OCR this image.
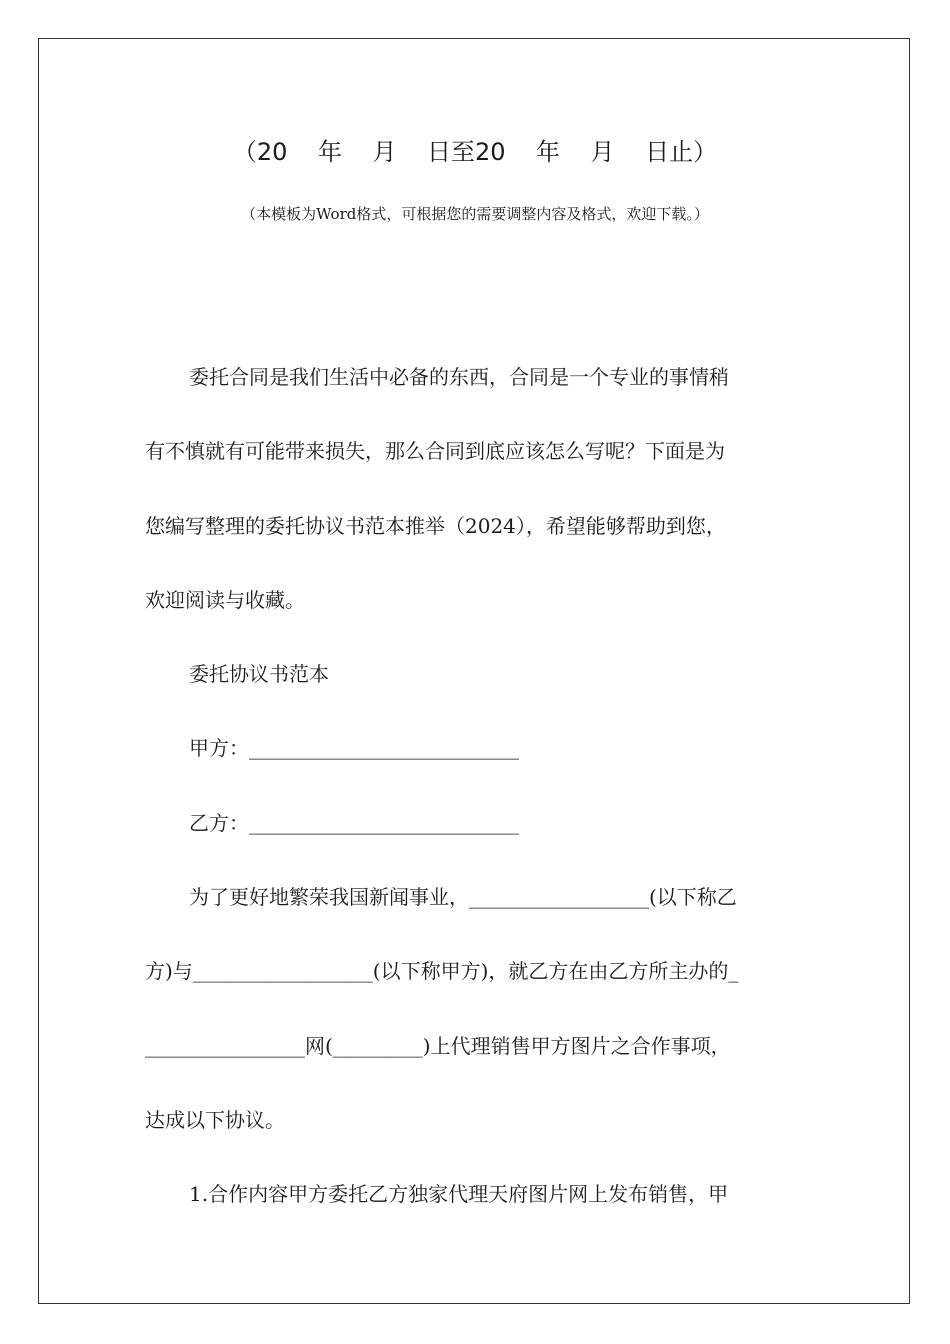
（20    年    月    日至20    年    月    日止）
（本模板为Word格式，可根据您的需要调整内容及格式，欢迎下载。）
委托合同是我们生活中必备的东西，合同是一个专业的事情稍
有不慎就有可能带来损失，那么合同到底应该怎么写呢？下面是为
您编写整理的委托协议书范本推举（2024），希望能够帮助到您，
欢迎阅读与收藏。
委托协议书范本
甲方：___________________________
乙方：___________________________
为了更好地繁荣我国新闻事业，__________________(以下称乙
方)与__________________(以下称甲方)，就乙方在由乙方所主办的_
________________网(_________)上代理销售甲方图片之合作事项，
达成以下协议。
1.合作内容甲方委托乙方独家代理天府图片网上发布销售，甲
